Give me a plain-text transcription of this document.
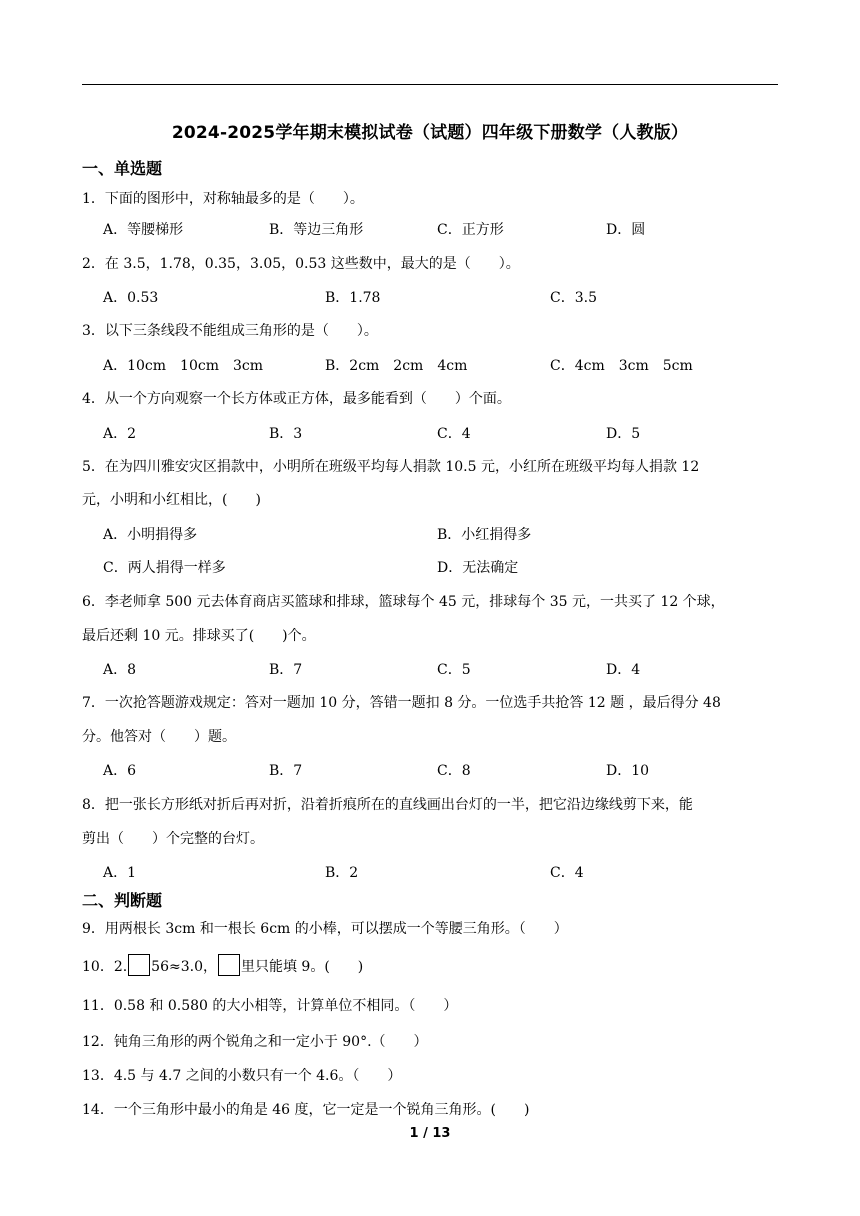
2024-2025学年期末模拟试卷（试题）四年级下册数学（人教版）
一、单选题
1．下面的图形中，对称轴最多的是（　　）。
A．等腰梯形	B．等边三角形	C．正方形	D．圆
2．在 3.5，1.78，0.35，3.05，0.53 这些数中，最大的是（　　）。
A．0.53	B．1.78	C．3.5
3．以下三条线段不能组成三角形的是（　　）。
A．10cm　10cm　3cm	B．2cm　2cm　4cm	C．4cm　3cm　5cm
4．从一个方向观察一个长方体或正方体，最多能看到（　　）个面。
A．2	B．3	C．4	D．5
5．在为四川雅安灾区捐款中，小明所在班级平均每人捐款 10.5 元，小红所在班级平均每人捐款 12
元，小明和小红相比，(　　)
A．小明捐得多	B．小红捐得多
C．两人捐得一样多	D．无法确定
6．李老师拿 500 元去体育商店买篮球和排球，篮球每个 45 元，排球每个 35 元，一共买了 12 个球，
最后还剩 10 元。排球买了(　　)个。
A．8	B．7	C．5	D．4
7．一次抢答题游戏规定：答对一题加 10 分，答错一题扣 8 分。一位选手共抢答 12 题 ，最后得分 48
分。他答对（　　）题。
A．6	B．7	C．8	D．10
8．把一张长方形纸对折后再对折，沿着折痕所在的直线画出台灯的一半，把它沿边缘线剪下来，能
剪出（　　）个完整的台灯。
A．1	B．2	C．4
二、判断题
9．用两根长 3cm 和一根长 6cm 的小棒，可以摆成一个等腰三角形。（　　）
10．2. 56≈3.0， 里只能填 9。(　　)
11．0.58 和 0.580 的大小相等，计算单位不相同。（　　）
12．钝角三角形的两个锐角之和一定小于 90°.（　　）
13．4.5 与 4.7 之间的小数只有一个 4.6。（　　）
14．一个三角形中最小的角是 46 度，它一定是一个锐角三角形。(　　)
1 / 13
